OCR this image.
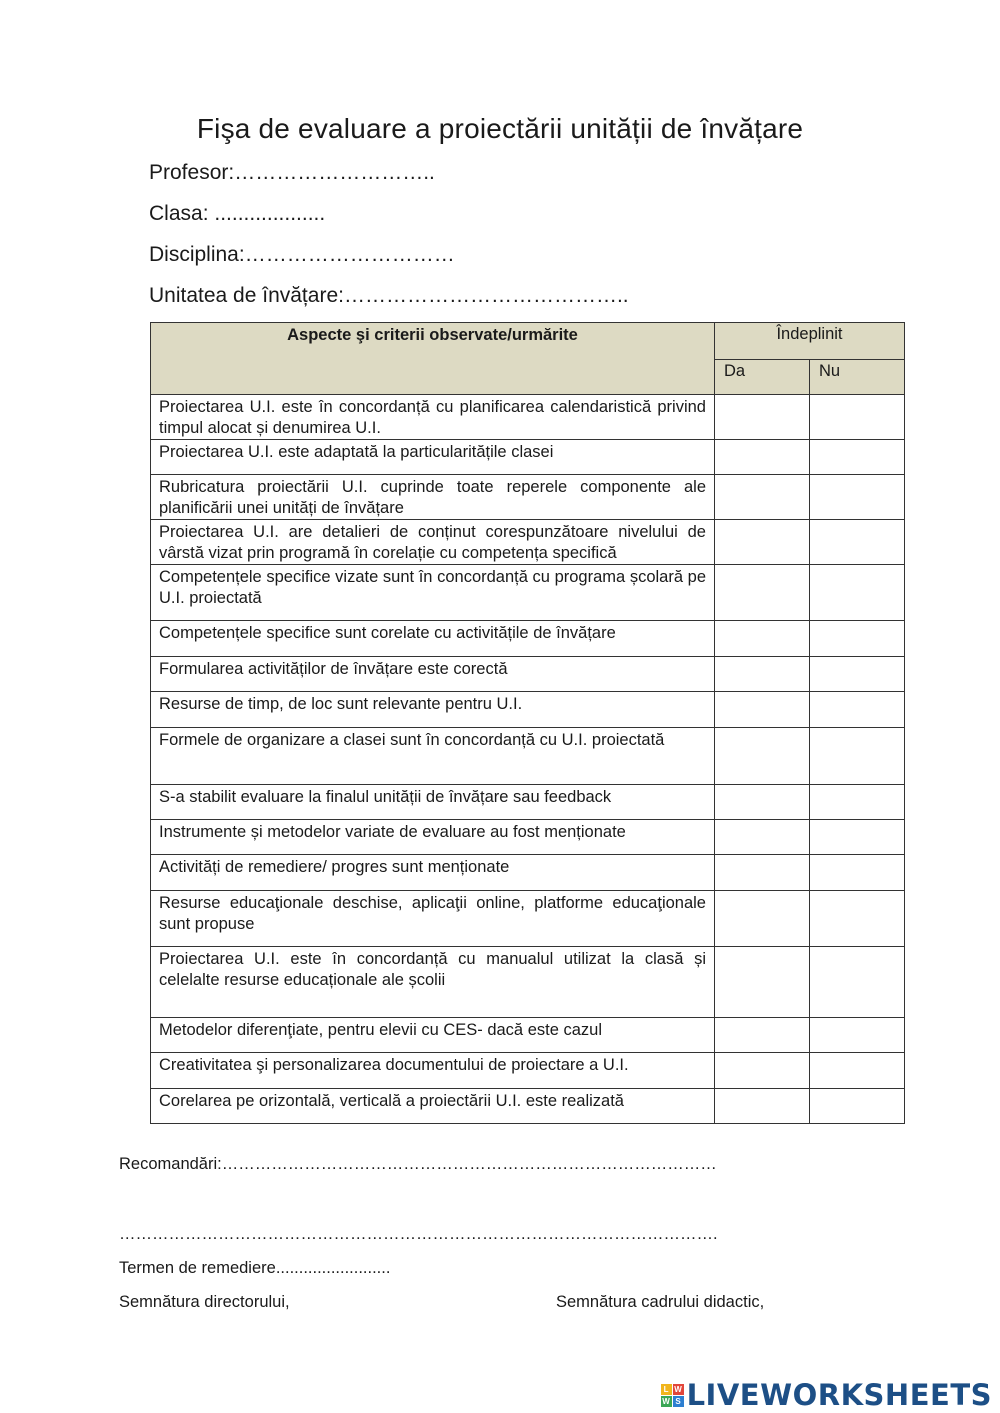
Fişa de evaluare a proiectării unității de învățare
Profesor:………………………..
Clasa: ...................
Disciplina:…………………………
Unitatea de învățare:…………………………………..
Aspecte şi criterii observate/urmărite	Îndeplinit	
	Da	Nu
Proiectarea U.I. este în concordanță cu planificarea calendaristică privind timpul alocat și denumirea U.I.		
Proiectarea U.I. este adaptată la particularitățile clasei		
Rubricatura proiectării U.I. cuprinde toate reperele componente ale planificării unei unități de învățare		
Proiectarea U.I. are detalieri de conținut corespunzătoare nivelului de vârstă vizat prin programă în corelație cu competența specifică		
Competențele specifice vizate sunt în concordanță cu programa școlară pe U.I. proiectată		
Competențele specifice sunt corelate cu activitățile de învățare		
Formularea activităților de învățare este corectă		
Resurse de timp, de loc sunt relevante pentru U.I.		
Formele de organizare a clasei sunt în concordanță cu U.I. proiectată		
S-a stabilit evaluare la finalul unității de învățare sau feedback		
Instrumente și metodelor variate de evaluare au fost menționate		
Activități de remediere/ progres sunt menționate		
Resurse educaţionale deschise, aplicaţii online, platforme educaţionale sunt propuse		
Proiectarea U.I. este în concordanță cu manualul utilizat la clasă și celelalte resurse educaționale ale școlii		
Metodelor diferenţiate, pentru elevii cu CES- dacă este cazul		
Creativitatea şi personalizarea documentului de proiectare a U.I.		
Corelarea pe orizontală, verticală a proiectării U.I. este realizată		
Recomandări:………………………………………………………………………………
……………………………………………………………………………………………….
Termen de remediere.........................
Semnătura directorului,	Semnătura cadrului didactic,
L W
W S LIVEWORKSHEETS
